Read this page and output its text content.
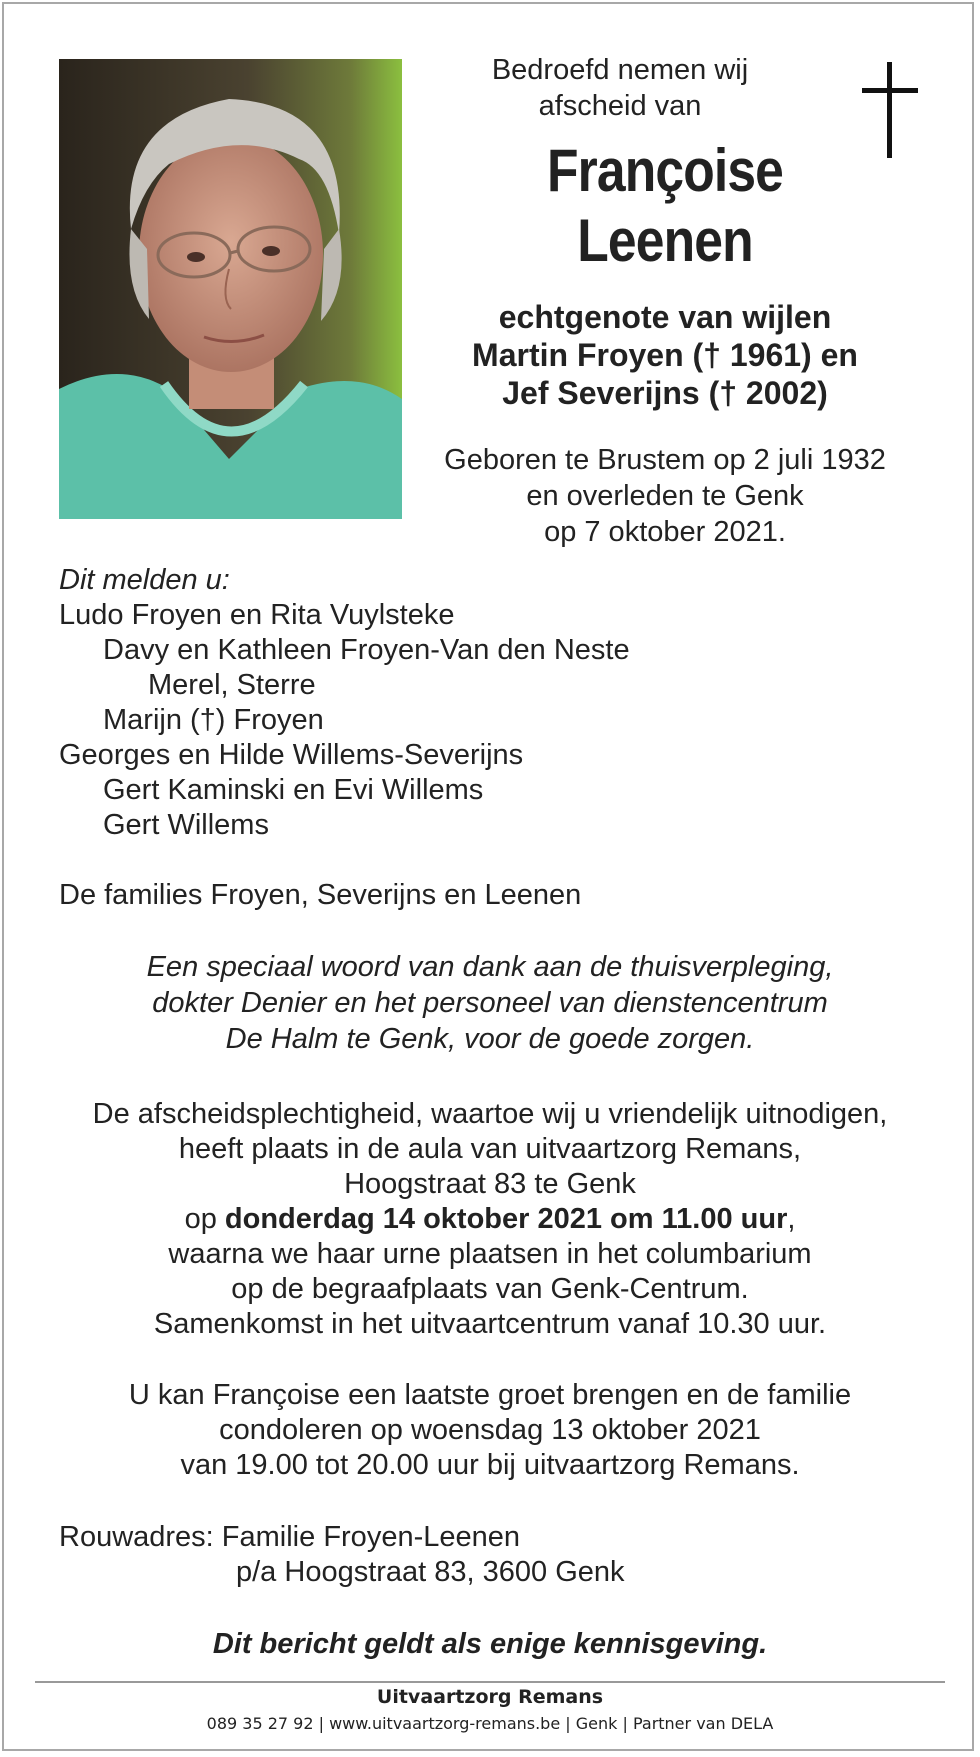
Bedroefd nemen wij
afscheid van
Françoise Leenen
echtgenote van wijlen
Martin Froyen († 1961) en
Jef Severijns († 2002)
Geboren te Brustem op 2 juli 1932
en overleden te Genk
op 7 oktober 2021.
Dit melden u:
Ludo Froyen en Rita Vuylsteke
Davy en Kathleen Froyen-Van den Neste
Merel, Sterre
Marijn (†) Froyen
Georges en Hilde Willems-Severijns
Gert Kaminski en Evi Willems
Gert Willems
De families Froyen, Severijns en Leenen
Een speciaal woord van dank aan de thuisverpleging,
dokter Denier en het personeel van dienstencentrum
De Halm te Genk, voor de goede zorgen.
De afscheidsplechtigheid, waartoe wij u vriendelijk uitnodigen,
heeft plaats in de aula van uitvaartzorg Remans,
Hoogstraat 83 te Genk
op donderdag 14 oktober 2021 om 11.00 uur,
waarna we haar urne plaatsen in het columbarium
op de begraafplaats van Genk-Centrum.
Samenkomst in het uitvaartcentrum vanaf 10.30 uur.
U kan Françoise een laatste groet brengen en de familie
condoleren op woensdag 13 oktober 2021
van 19.00 tot 20.00 uur bij uitvaartzorg Remans.
Rouwadres: Familie Froyen-Leenen
p/a Hoogstraat 83, 3600 Genk
Dit bericht geldt als enige kennisgeving.
Uitvaartzorg Remans
089 35 27 92 | www.uitvaartzorg-remans.be | Genk | Partner van DELA
